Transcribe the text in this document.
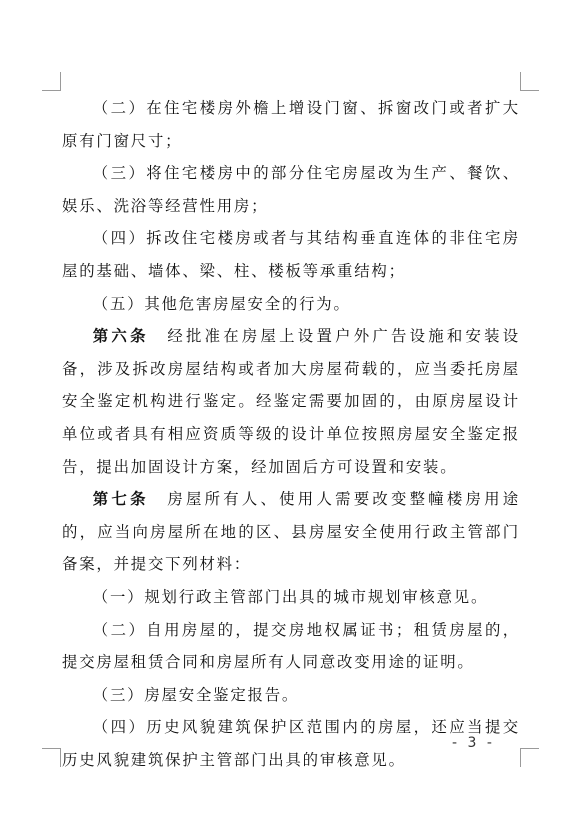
（二）在住宅楼房外檐上增设门窗、拆窗改门或者扩大原有门窗尺寸；

（三）将住宅楼房中的部分住宅房屋改为生产、餐饮、娱乐、洗浴等经营性用房；

（四）拆改住宅楼房或者与其结构垂直连体的非住宅房屋的基础、墙体、梁、柱、楼板等承重结构；

（五）其他危害房屋安全的行为。

第六条　经批准在房屋上设置户外广告设施和安装设备，涉及拆改房屋结构或者加大房屋荷载的，应当委托房屋安全鉴定机构进行鉴定。经鉴定需要加固的，由原房屋设计单位或者具有相应资质等级的设计单位按照房屋安全鉴定报告，提出加固设计方案，经加固后方可设置和安装。

第七条　房屋所有人、使用人需要改变整幢楼房用途的，应当向房屋所在地的区、县房屋安全使用行政主管部门备案，并提交下列材料：

（一）规划行政主管部门出具的城市规划审核意见。

（二）自用房屋的，提交房地权属证书；租赁房屋的，提交房屋租赁合同和房屋所有人同意改变用途的证明。

（三）房屋安全鉴定报告。

（四）历史风貌建筑保护区范围内的房屋，还应当提交历史风貌建筑保护主管部门出具的审核意见。

- 3 -
